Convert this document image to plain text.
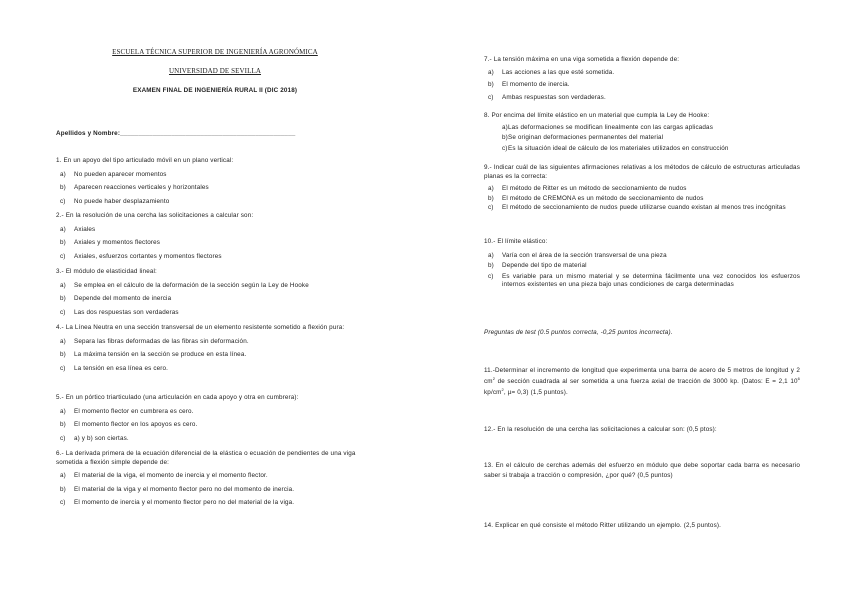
ESCUELA TÉCNICA SUPERIOR DE INGENIERÍA AGRONÓMICA
UNIVERSIDAD DE SEVILLA
EXAMEN FINAL DE INGENIERÍA RURAL II (DIC 2018)
Apellidos y Nombre:________________________________________________

1. En un apoyo del tipo articulado móvil en un plano vertical:

a) No pueden aparecer momentos
b) Aparecen reacciones verticales y horizontales
c) No puede haber desplazamiento

2.- En la resolución de una cercha las solicitaciones a calcular son:

a) Axiales
b) Axiales y momentos flectores
c) Axiales, esfuerzos cortantes y momentos flectores

3.- El módulo de elasticidad lineal:

a) Se emplea en el cálculo de la deformación de la sección según la Ley de Hooke
b) Depende del momento de inercia
c) Las dos respuestas son verdaderas

4.- La Línea Neutra en una sección transversal de un elemento resistente sometido a flexión pura:

a) Separa las fibras deformadas de las fibras sin deformación.
b) La máxima tensión en la sección se produce en esta línea.
c) La tensión en esa línea es cero.

5.- En un pórtico triarticulado (una articulación en cada apoyo y otra en cumbrera):

a) El momento flector en cumbrera es cero.
b) El momento flector en los apoyos es cero.
c) a) y b) son ciertas.

6.- La derivada primera de la ecuación diferencial de la elástica o ecuación de pendientes de una viga sometida a flexión simple depende de:

a) El material de la viga, el momento de inercia y el momento flector.
b) El material de la viga y el momento flector pero no del momento de inercia.
c) El momento de inercia y el momento flector pero no del material de la viga.

7.- La tensión máxima en una viga sometida a flexión depende de:

a) Las acciones a las que esté sometida.
b) El momento de inercia.
c) Ambas respuestas son verdaderas.

8. Por encima del límite elástico en un material que cumpla la Ley de Hooke:

a) Las deformaciones se modifican linealmente con las cargas aplicadas
b) Se originan deformaciones permanentes del material
c) Es la situación ideal de cálculo de los materiales utilizados en construcción

9.- Indicar cuál de las siguientes afirmaciones relativas a los métodos de cálculo de estructuras articuladas planas es la correcta:

a) El método de Ritter es un método de seccionamiento de nudos
b) El método de CREMONA es un método de seccionamiento de nudos
c) El método de seccionamiento de nudos puede utilizarse cuando existan al menos tres incógnitas

10.- El límite elástico:

a) Varía con el área de la sección transversal de una pieza
b) Depende del tipo de material
c) Es variable para un mismo material y se determina fácilmente una vez conocidos los esfuerzos internos existentes en una pieza bajo unas condiciones de carga determinadas
Preguntas de test (0.5 puntos correcta, -0,25 puntos incorrecta).
11.-Determinar el incremento de longitud que experimenta una barra de acero de 5 metros de longitud y 2 $cm^2$ de sección cuadrada al ser sometida a una fuerza axial de tracción de 3000 kp. (Datos: E = 2,1 $10^6$ $kp/cm^2$, µ= 0,3) (1,5 puntos).
12.- En la resolución de una cercha las solicitaciones a calcular son: (0,5 ptos):
13. En el cálculo de cerchas además del esfuerzo en módulo que debe soportar cada barra es necesario saber si trabaja a tracción o compresión, ¿por qué? (0,5 puntos)
14. Explicar en qué consiste el método Ritter utilizando un ejemplo. (2,5 puntos).
